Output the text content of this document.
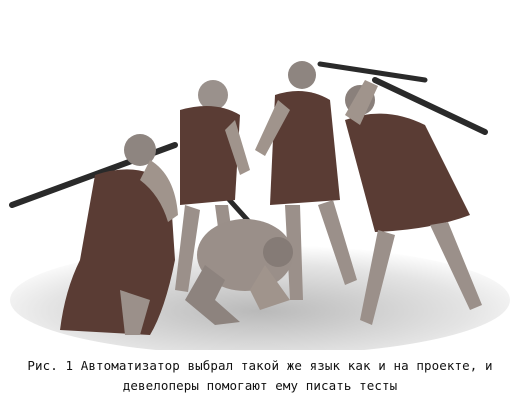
Рис. 1 Автоматизатор выбрал такой же язык как и на проекте, и девелоперы помогают ему писать тесты
